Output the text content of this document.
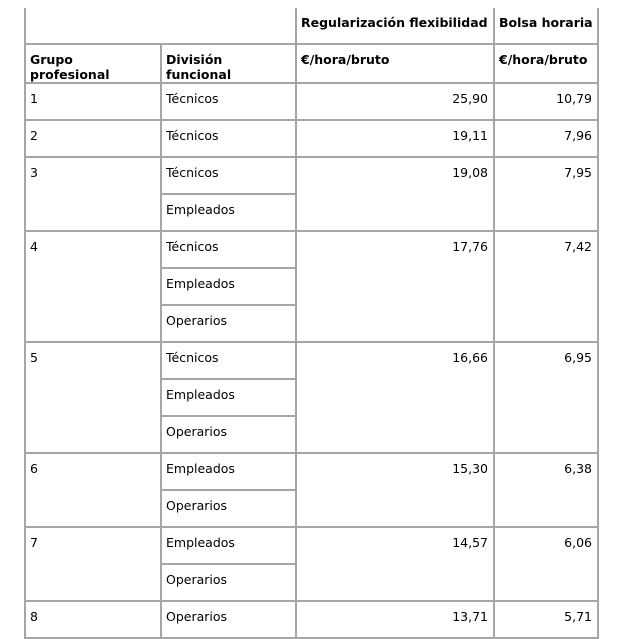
		Regularización flexibilidad	Bolsa horaria

Grupo profesional	División funcional	€/hora/bruto	€/hora/bruto

1	Técnicos	25,90	10,79

2	Técnicos	19,11	7,96

3	Técnicos	19,08	7,95

	Empleados		

4	Técnicos	17,76	7,42

	Empleados		

	Operarios		

5	Técnicos	16,66	6,95

	Empleados		

	Operarios		

6	Empleados	15,30	6,38

	Operarios		

7	Empleados	14,57	6,06

	Operarios		

8	Operarios	13,71	5,71
